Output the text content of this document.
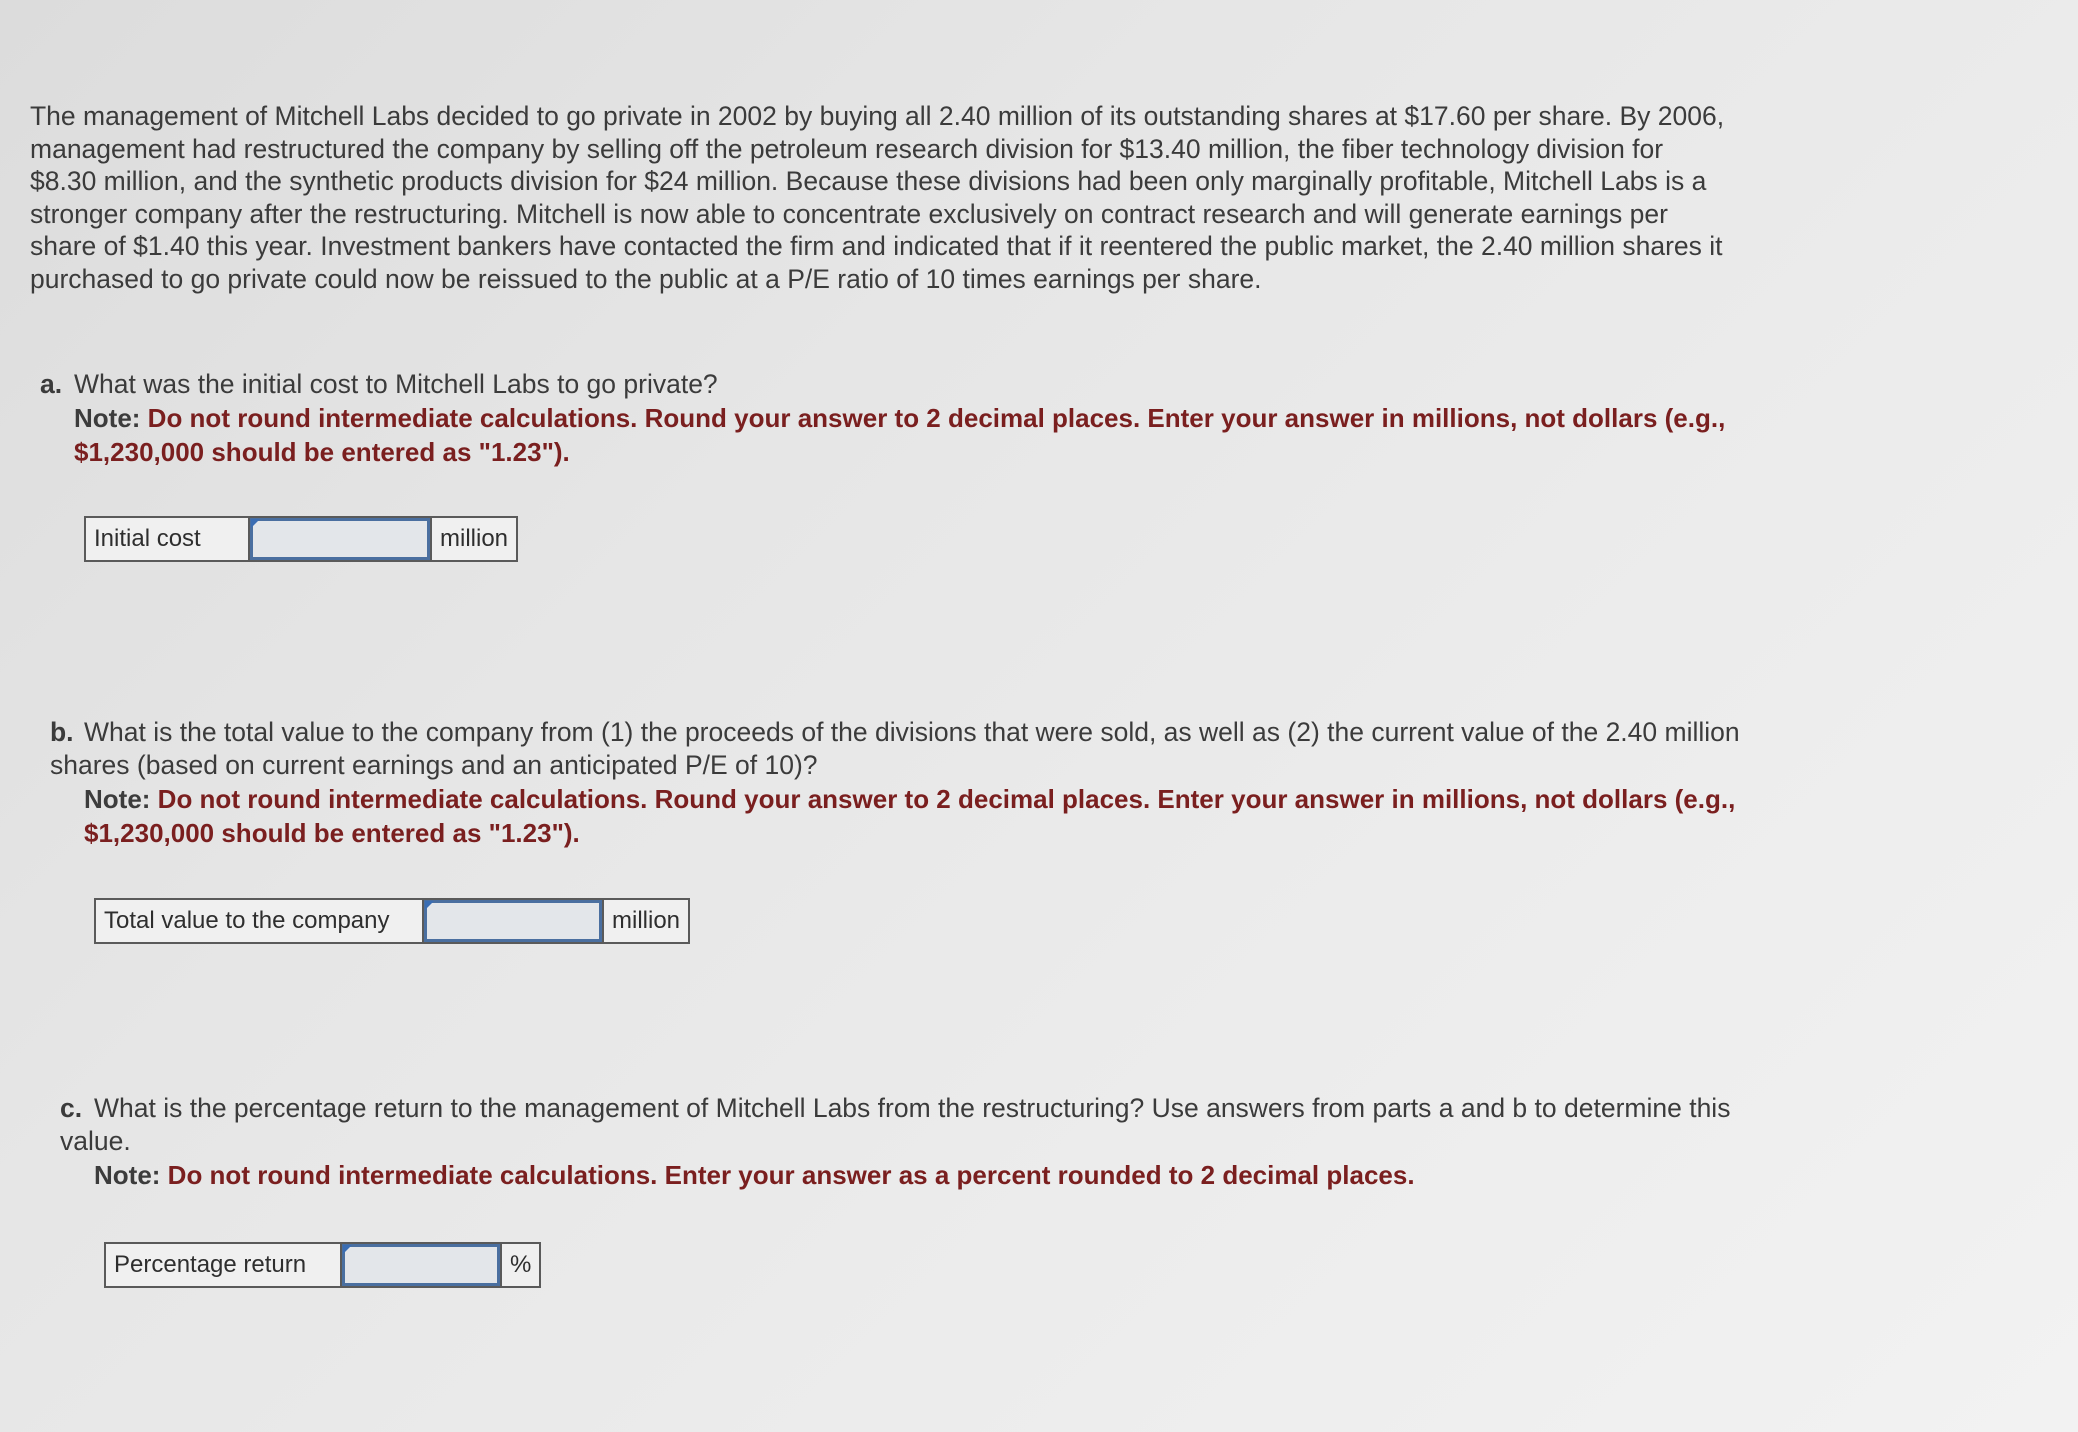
The management of Mitchell Labs decided to go private in 2002 by buying all 2.40 million of its outstanding shares at $17.60 per share. By 2006, management had restructured the company by selling off the petroleum research division for $13.40 million, the fiber technology division for $8.30 million, and the synthetic products division for $24 million. Because these divisions had been only marginally profitable, Mitchell Labs is a stronger company after the restructuring. Mitchell is now able to concentrate exclusively on contract research and will generate earnings per share of $1.40 this year. Investment bankers have contacted the firm and indicated that if it reentered the public market, the 2.40 million shares it purchased to go private could now be reissued to the public at a P/E ratio of 10 times earnings per share.

a. What was the initial cost to Mitchell Labs to go private?

Note: Do not round intermediate calculations. Round your answer to 2 decimal places. Enter your answer in millions, not dollars (e.g., $1,230,000 should be entered as "1.23").

Initial cost	million

b. What is the total value to the company from (1) the proceeds of the divisions that were sold, as well as (2) the current value of the 2.40 million shares (based on current earnings and an anticipated P/E of 10)?

Note: Do not round intermediate calculations. Round your answer to 2 decimal places. Enter your answer in millions, not dollars (e.g., $1,230,000 should be entered as "1.23").

Total value to the company	million

c. What is the percentage return to the management of Mitchell Labs from the restructuring? Use answers from parts a and b to determine this value.

Note: Do not round intermediate calculations. Enter your answer as a percent rounded to 2 decimal places.

Percentage return	%
